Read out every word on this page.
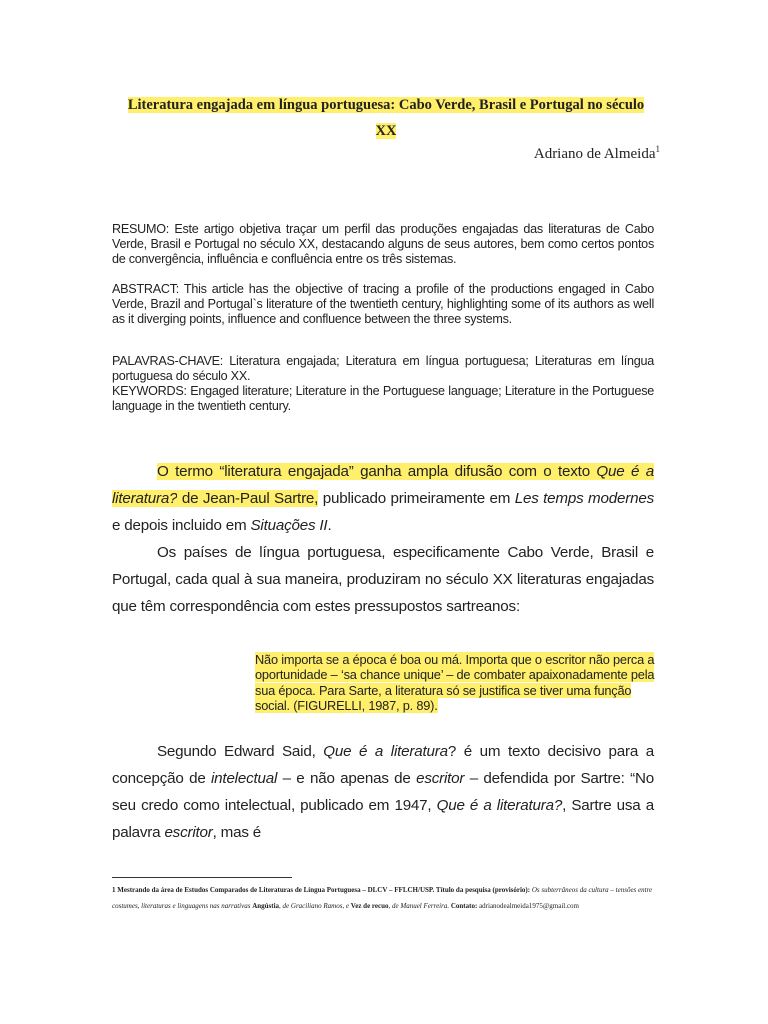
Literatura engajada em língua portuguesa: Cabo Verde, Brasil e Portugal no século
XX
Adriano de Almeida$^1$
RESUMO: Este artigo objetiva traçar um perfil das produções engajadas das literaturas de Cabo Verde, Brasil e Portugal no século XX, destacando alguns de seus autores, bem como certos pontos de convergência, influência e confluência entre os três sistemas.
ABSTRACT: This article has the objective of tracing a profile of the productions engaged in Cabo Verde, Brazil and Portugal`s literature of the twentieth century, highlighting some of its authors as well as it diverging points, influence and confluence between the three systems.
PALAVRAS-CHAVE: Literatura engajada; Literatura em língua portuguesa; Literaturas em língua portuguesa do século XX.
KEYWORDS: Engaged literature; Literature in the Portuguese language; Literature in the Portuguese language in the twentieth century.
O termo “literatura engajada” ganha ampla difusão com o texto Que é a literatura? de Jean-Paul Sartre, publicado primeiramente em Les temps modernes e depois incluido em Situações II.
Os países de língua portuguesa, especificamente Cabo Verde, Brasil e Portugal, cada qual à sua maneira, produziram no século XX literaturas engajadas que têm correspondência com estes pressupostos sartreanos:
Não importa se a época é boa ou má. Importa que o escritor não perca a oportunidade – ‘sa chance unique’ – de combater apaixonadamente pela sua época. Para Sarte, a literatura só se justifica se tiver uma função social. (FIGURELLI, 1987, p. 89).
Segundo Edward Said, Que é a literatura? é um texto decisivo para a concepção de intelectual – e não apenas de escritor – defendida por Sartre: “No seu credo como intelectual, publicado em 1947, Que é a literatura?, Sartre usa a palavra escritor, mas é
1 Mestrando da área de Estudos Comparados de Literaturas de Língua Portuguesa – DLCV – FFLCH/USP. Título da pesquisa (provisório): Os subterrâneos da cultura – tensões entre costumes, literaturas e linguagens nas narrativas Angústia, de Graciliano Ramos, e Vez de recuo, de Manuel Ferreira. Contato: adrianodealmeida1975@gmail.com
